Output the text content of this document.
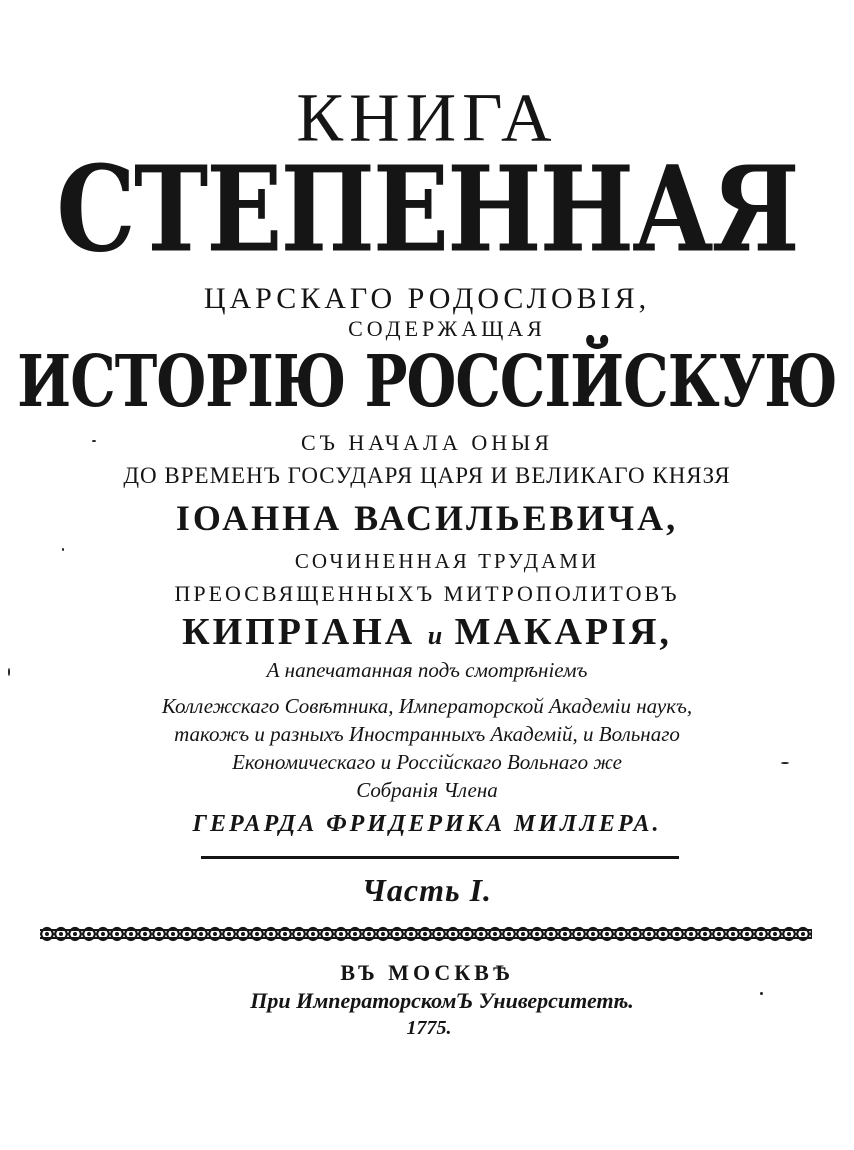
КНИГА
СТЕПЕННАЯ
ЦАРСКАГО РОДОСЛОВІЯ,
СОДЕРЖАЩАЯ
ИСТОРІЮ РОССІЙСКУЮ
СЪ НАЧАЛА ОНЫЯ
ДО ВРЕМЕНЪ ГОСУДАРЯ ЦАРЯ И ВЕЛИКАГО КНЯЗЯ
ІОАННА ВАСИЛЬЕВИЧА,
СОЧИНЕННАЯ ТРУДАМИ
ПРЕОСВЯЩЕННЫХЪ МИТРОПОЛИТОВЪ
КИПРІАНА и МАКАРІЯ,
А напечатанная подъ смотрѣніемъ
Коллежскаго Совѣтника, Императорской Академіи наукъ,
такожъ и разныхъ Иностранныхъ Академій, и Вольнаго
Економическаго и Россійскаго Вольнаго же
Собранія Члена
ГЕРАРДА ФРИДЕРИКА МИЛЛЕРА.
Часть I.
ВЪ МОСКВѢ
При ИмператорскомЪ Университетѣ.
1775.
